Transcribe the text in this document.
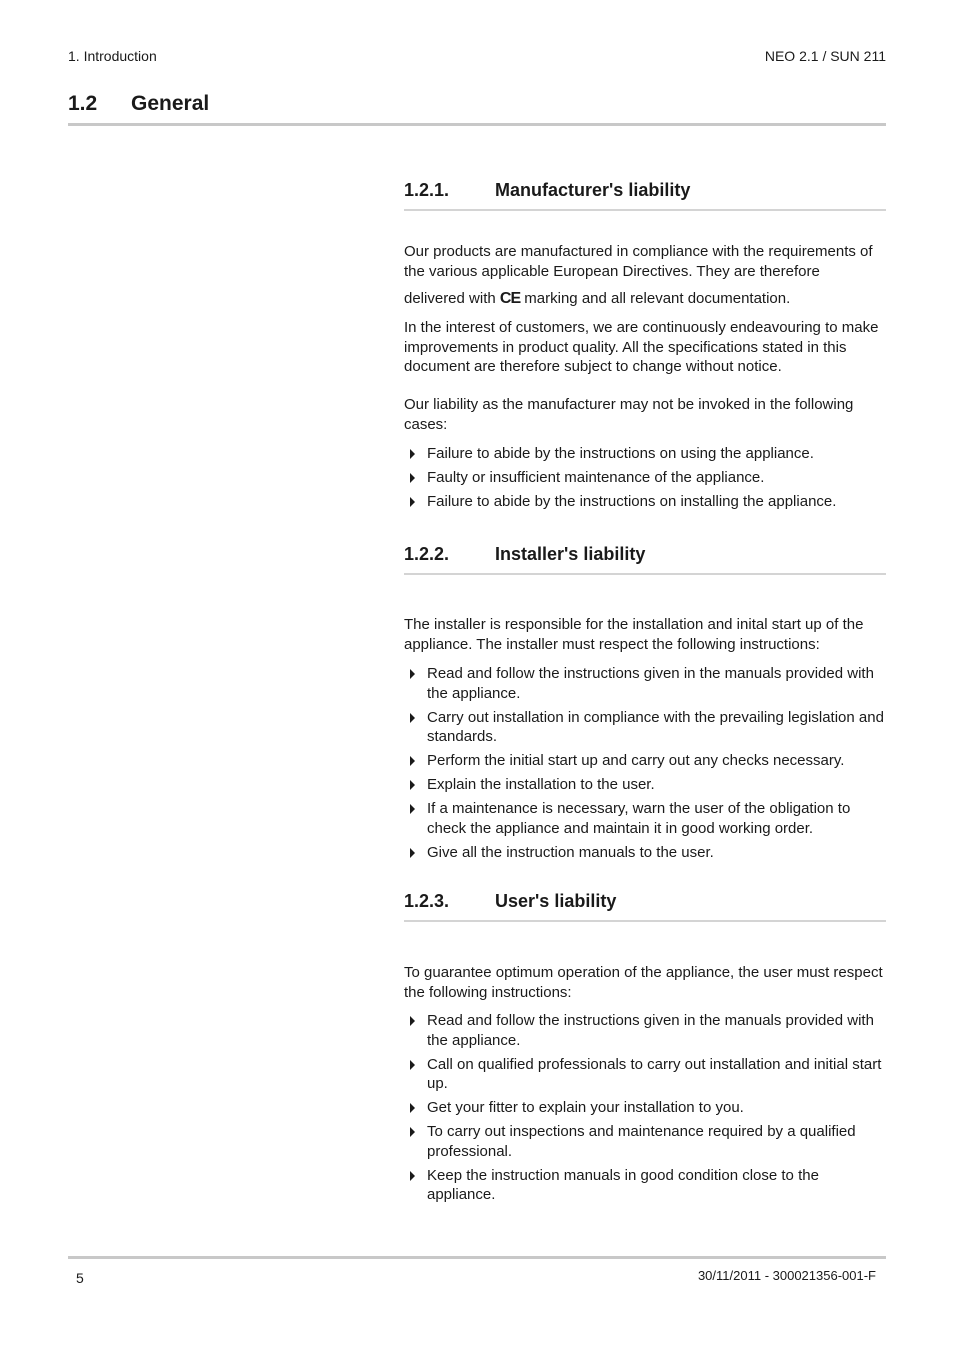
1. Introduction	NEO 2.1 / SUN 211
1.2 General
1.2.1.	Manufacturer's liability

Our products are manufactured in compliance with the requirements of the various applicable European Directives. They are therefore

delivered with CE marking and all relevant documentation.

In the interest of customers, we are continuously endeavouring to make improvements in product quality. All the specifications stated in this document are therefore subject to change without notice.

Our liability as the manufacturer may not be invoked in the following cases:

Failure to abide by the instructions on using the appliance.
Faulty or insufficient maintenance of the appliance.
Failure to abide by the instructions on installing the appliance.
1.2.2.	Installer's liability

The installer is responsible for the installation and inital start up of the appliance. The installer must respect the following instructions:

Read and follow the instructions given in the manuals provided with the appliance.
Carry out installation in compliance with the prevailing legislation and standards.
Perform the initial start up and carry out any checks necessary.
Explain the installation to the user.
If a maintenance is necessary, warn the user of the obligation to check the appliance and maintain it in good working order.
Give all the instruction manuals to the user.
1.2.3.	User's liability

To guarantee optimum operation of the appliance, the user must respect the following instructions:

Read and follow the instructions given in the manuals provided with the appliance.
Call on qualified professionals to carry out installation and initial start up.
Get your fitter to explain your installation to you.
To carry out inspections and maintenance required by a qualified professional.
Keep the instruction manuals in good condition close to the appliance.
5	30/11/2011 - 300021356-001-F
